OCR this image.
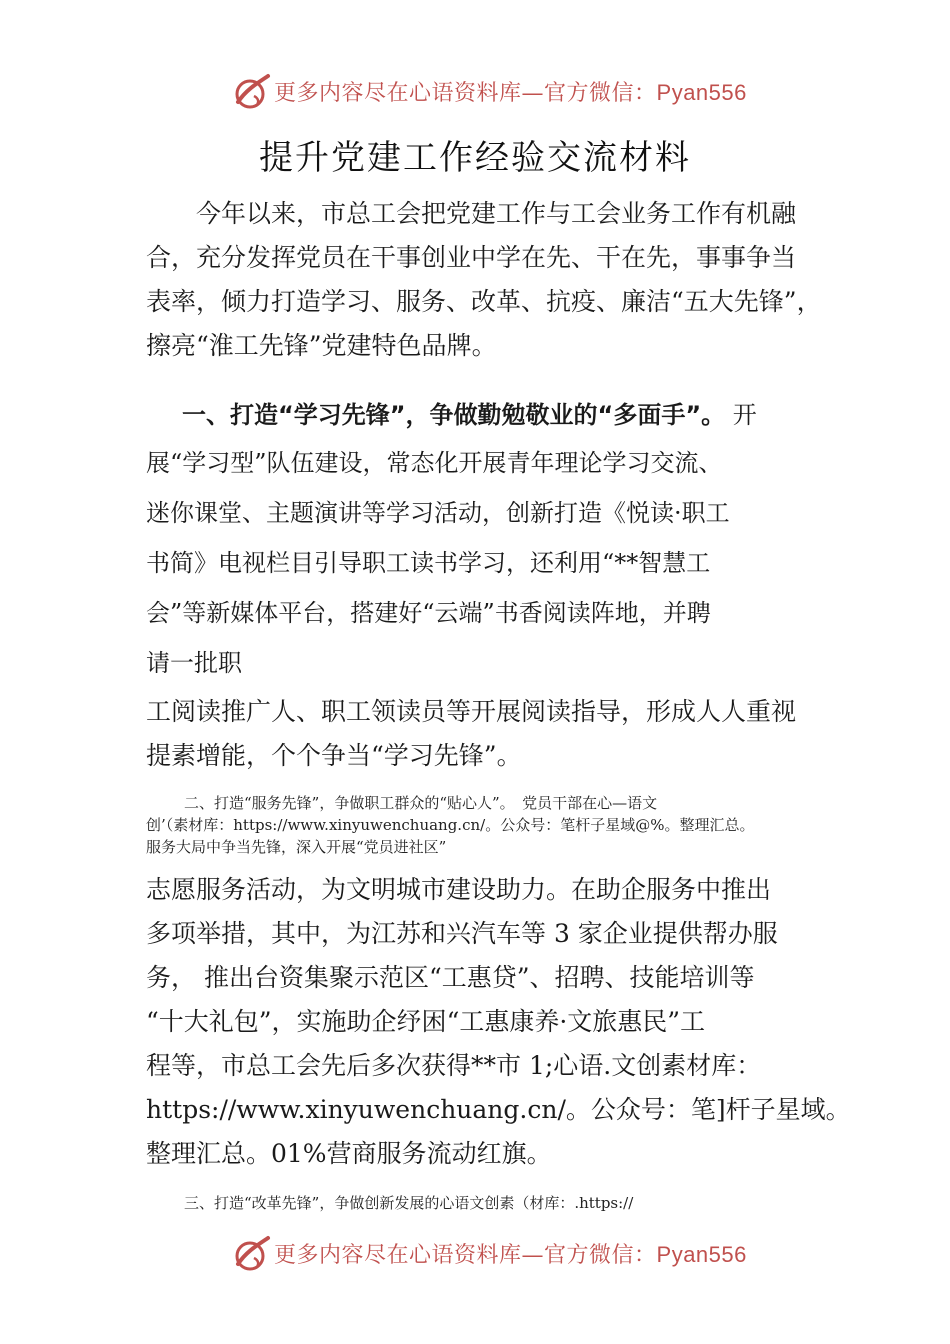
更多内容尽在心语资料库—官方微信：Pyan556
提升党建工作经验交流材料
今年以来，市总工会把党建工作与工会业务工作有机融
合，充分发挥党员在干事创业中学在先、干在先，事事争当
表率，倾力打造学习、服务、改革、抗疫、廉洁“五大先锋”，
擦亮“淮工先锋”党建特色品牌。
一、打造“学习先锋”，争做勤勉敬业的“多面手”。 开
展“学习型”队伍建设，常态化开展青年理论学习交流、
迷你课堂、主题演讲等学习活动，创新打造《悦读·职工
书简》电视栏目引导职工读书学习，还利用“**智慧工
会”等新媒体平台，搭建好“云端”书香阅读阵地，并聘
请一批职
工阅读推广人、职工领读员等开展阅读指导，形成人人重视
提素增能，个个争当“学习先锋”。
二、打造“服务先锋”，争做职工群众的“贴心人”。　党员干部在心—语文
创’（素材库：https://www.xinyuwenchuang.cn/。公众号：笔杆子星域@%。整理汇总。
服务大局中争当先锋，深入开展“党员进社区”
志愿服务活动，为文明城市建设助力。在助企服务中推出
多项举措，其中，为江苏和兴汽车等 3 家企业提供帮办服
务， 推出台资集聚示范区“工惠贷”、招聘、技能培训等
“十大礼包”，实施助企纾困“工惠康养·文旅惠民”工
程等，市总工会先后多次获得**市 1;心语.文创素材库：
https://www.xinyuwenchuang.cn/。公众号：笔]杆子星域。
整理汇总。01%营商服务流动红旗。
三、打造“改革先锋”，争做创新发展的心语文创素（材库：.https://
更多内容尽在心语资料库—官方微信：Pyan556
